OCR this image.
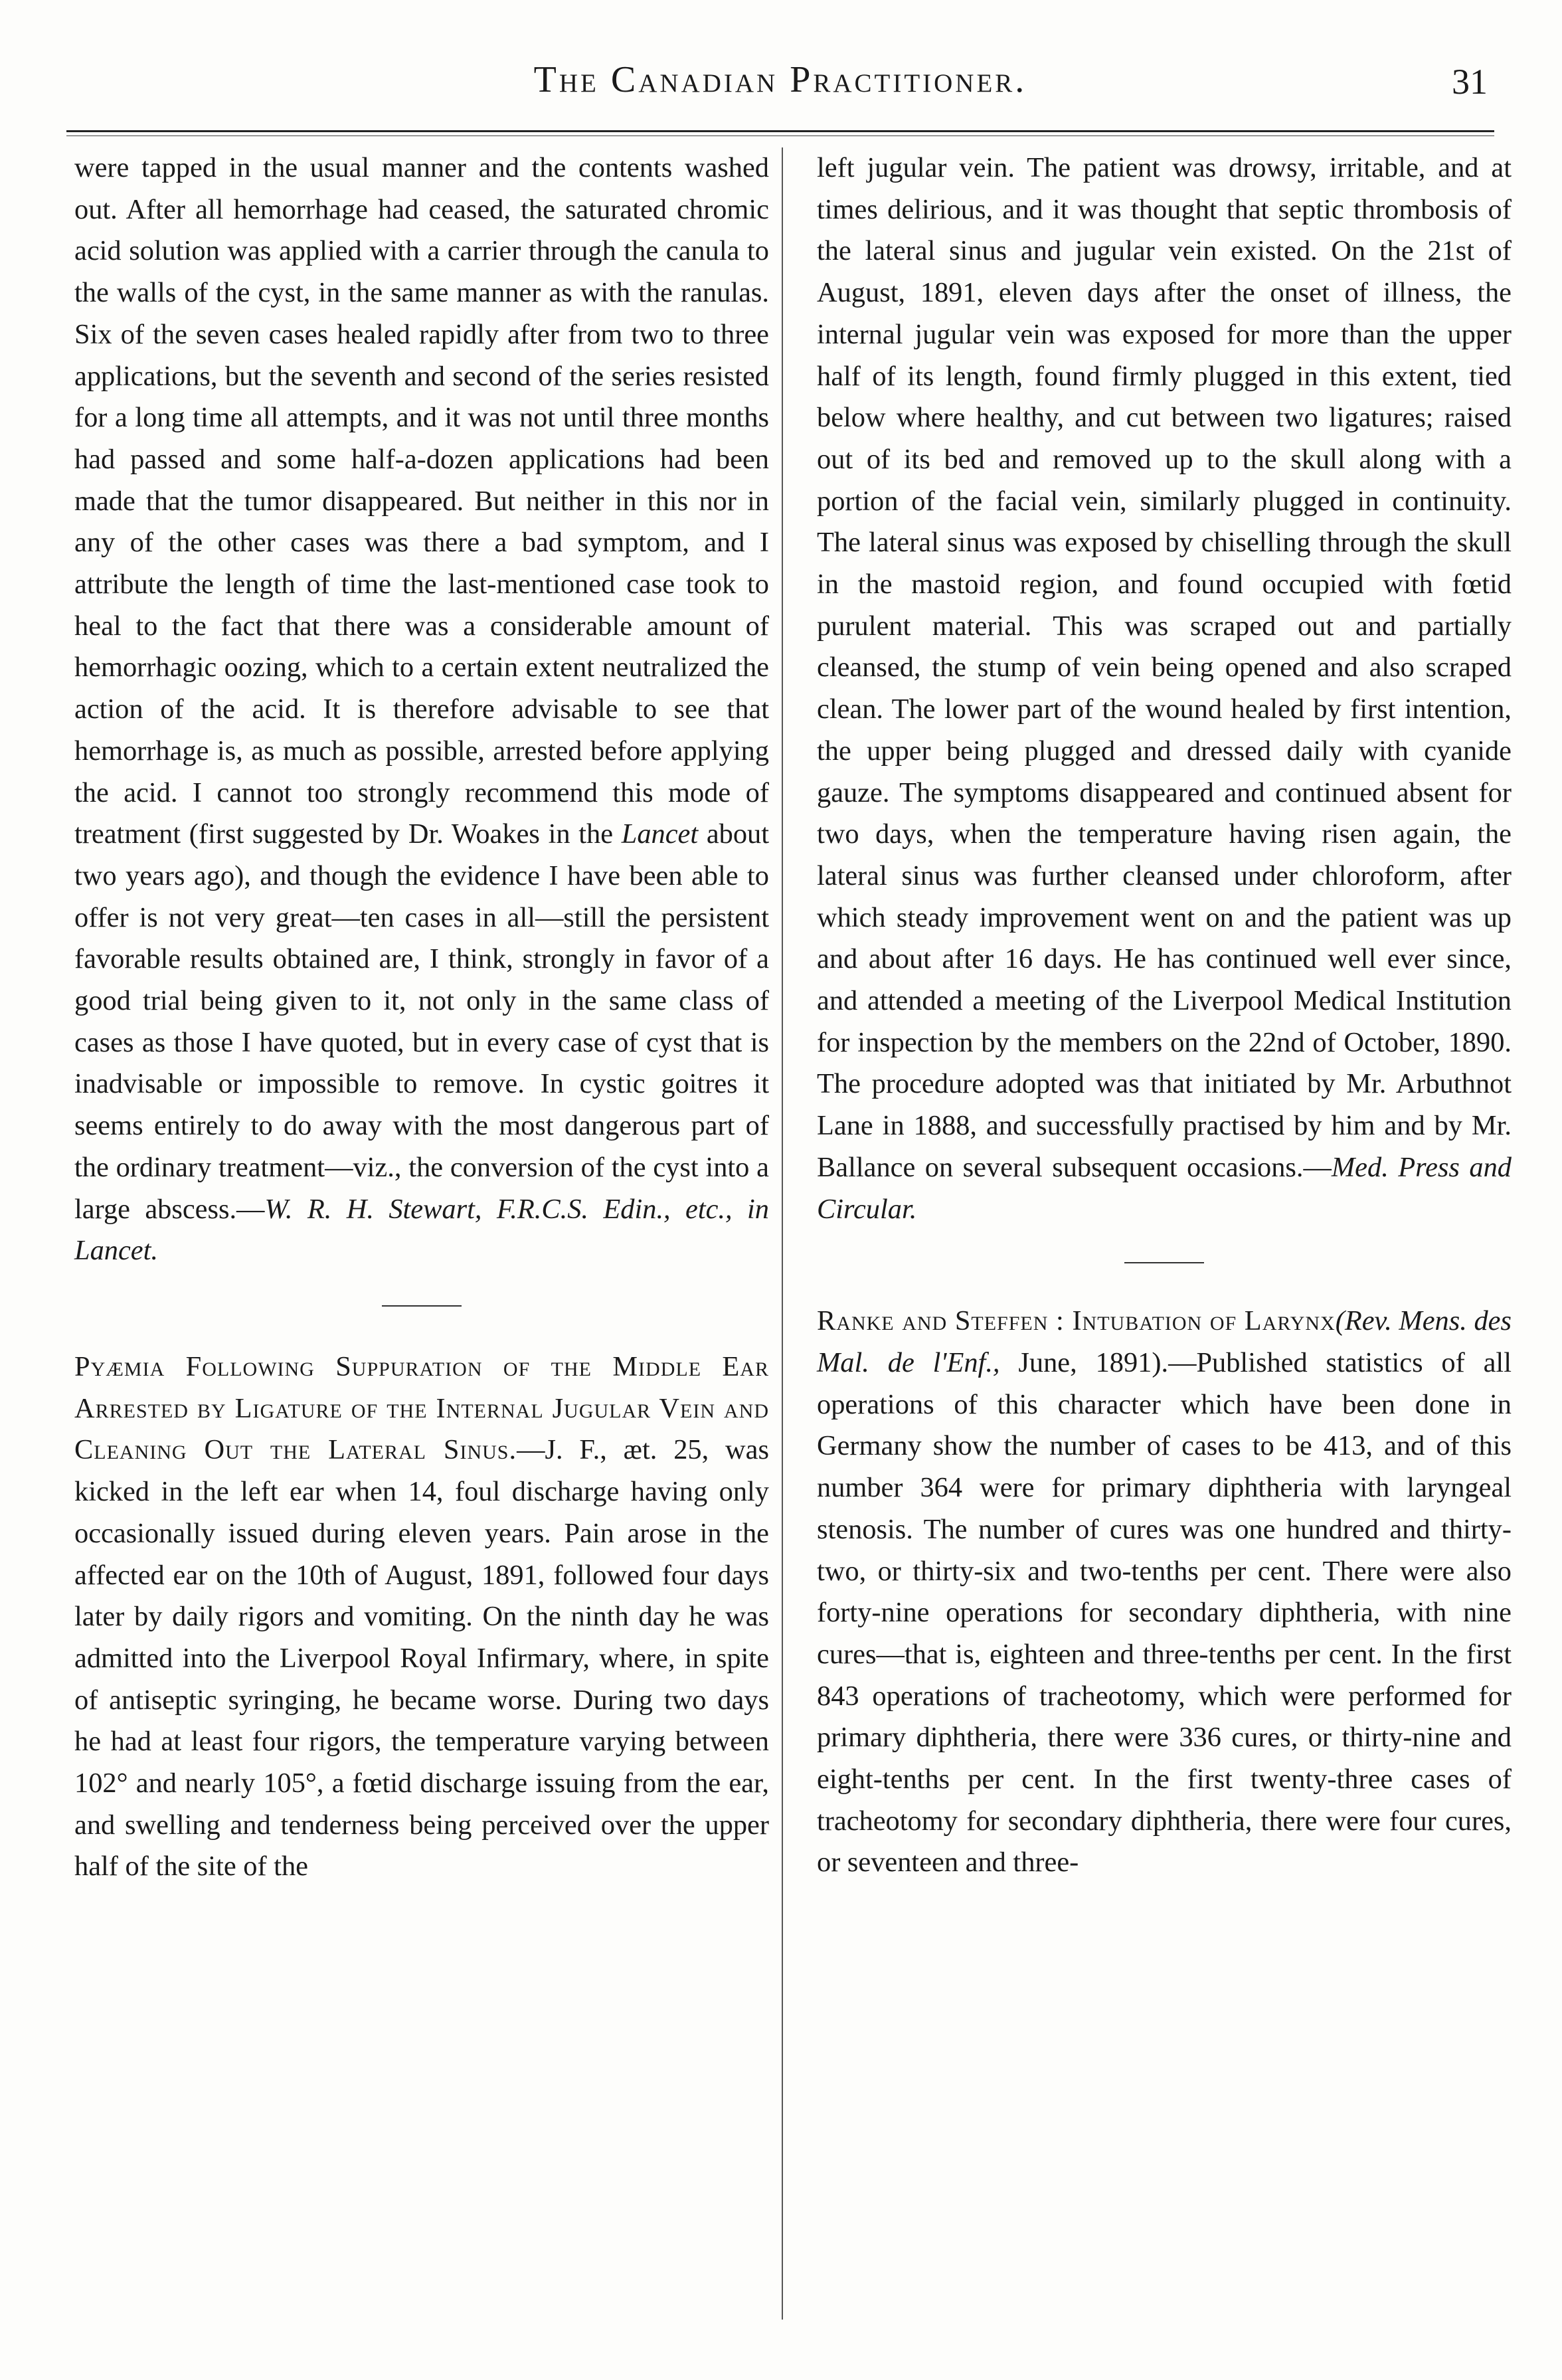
The Canadian Practitioner.	31

were tapped in the usual manner and the contents washed out. After all hemorrhage had ceased, the saturated chromic acid solution was applied with a carrier through the canula to the walls of the cyst, in the same manner as with the ranulas. Six of the seven cases healed rapidly after from two to three applications, but the seventh and second of the series resisted for a long time all attempts, and it was not until three months had passed and some half-a-dozen applications had been made that the tumor disappeared. But neither in this nor in any of the other cases was there a bad symptom, and I attribute the length of time the last-mentioned case took to heal to the fact that there was a considerable amount of hemorrhagic oozing, which to a certain extent neutralized the action of the acid. It is therefore advisable to see that hemorrhage is, as much as possible, arrested before applying the acid. I cannot too strongly recommend this mode of treatment (first suggested by Dr. Woakes in the Lancet about two years ago), and though the evidence I have been able to offer is not very great—ten cases in all—still the persistent favorable results obtained are, I think, strongly in favor of a good trial being given to it, not only in the same class of cases as those I have quoted, but in every case of cyst that is inadvisable or impossible to remove. In cystic goitres it seems entirely to do away with the most dangerous part of the ordinary treatment—viz., the conversion of the cyst into a large abscess.—W. R. H. Stewart, F.R.C.S. Edin., etc., in Lancet.

Pyæmia Following Suppuration of the Middle Ear Arrested by Ligature of the Internal Jugular Vein and Cleaning Out the Lateral Sinus.—J. F., æt. 25, was kicked in the left ear when 14, foul discharge having only occasionally issued during eleven years. Pain arose in the affected ear on the 10th of August, 1891, followed four days later by daily rigors and vomiting. On the ninth day he was admitted into the Liverpool Royal Infirmary, where, in spite of antiseptic syringing, he became worse. During two days he had at least four rigors, the temperature varying between 102° and nearly 105°, a fœtid discharge issuing from the ear, and swelling and tenderness being perceived over the upper half of the site of the

left jugular vein. The patient was drowsy, irritable, and at times delirious, and it was thought that septic thrombosis of the lateral sinus and jugular vein existed. On the 21st of August, 1891, eleven days after the onset of illness, the internal jugular vein was exposed for more than the upper half of its length, found firmly plugged in this extent, tied below where healthy, and cut between two ligatures; raised out of its bed and removed up to the skull along with a portion of the facial vein, similarly plugged in continuity. The lateral sinus was exposed by chiselling through the skull in the mastoid region, and found occupied with fœtid purulent material. This was scraped out and partially cleansed, the stump of vein being opened and also scraped clean. The lower part of the wound healed by first intention, the upper being plugged and dressed daily with cyanide gauze. The symptoms disappeared and continued absent for two days, when the temperature having risen again, the lateral sinus was further cleansed under chloroform, after which steady improvement went on and the patient was up and about after 16 days. He has continued well ever since, and attended a meeting of the Liverpool Medical Institution for inspection by the members on the 22nd of October, 1890. The procedure adopted was that initiated by Mr. Arbuthnot Lane in 1888, and successfully practised by him and by Mr. Ballance on several subsequent occasions.—Med. Press and Circular.

Ranke and Steffen : Intubation of Larynx(Rev. Mens. des Mal. de l'Enf., June, 1891).—Published statistics of all operations of this character which have been done in Germany show the number of cases to be 413, and of this number 364 were for primary diphtheria with laryngeal stenosis. The number of cures was one hundred and thirty-two, or thirty-six and two-tenths per cent. There were also forty-nine operations for secondary diphtheria, with nine cures—that is, eighteen and three-tenths per cent. In the first 843 operations of tracheotomy, which were performed for primary diphtheria, there were 336 cures, or thirty-nine and eight-tenths per cent. In the first twenty-three cases of tracheotomy for secondary diphtheria, there were four cures, or seventeen and three-
